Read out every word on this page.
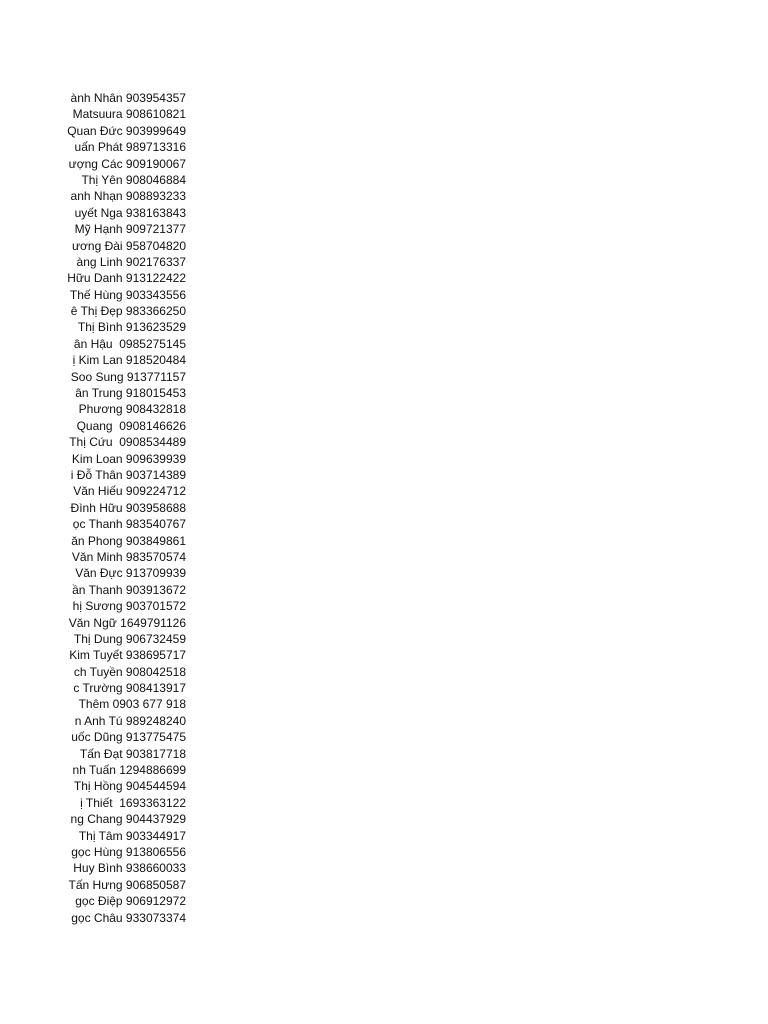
ành Nhân 903954357
Matsuura 908610821
Quan Đức 903999649
uấn Phát 989713316
ượng Các 909190067
Thị Yên 908046884
anh Nhạn 908893233
uyết Nga 938163843
Mỹ Hạnh 909721377
ương Đài 958704820
àng Linh 902176337
Hữu Danh 913122422
Thế Hùng 903343556
ê Thị Đẹp 983366250
Thị Bình 913623529
ân Hậu  0985275145
ị Kim Lan 918520484
Soo Sung 913771157
ân Trung 918015453
Phương 908432818
Quang  0908146626
Thị Cứu  0908534489
Kim Loan 909639939
i Đỗ Thân 903714389
Văn Hiếu 909224712
Đình Hữu 903958688
ọc Thanh 983540767
ăn Phong 903849861
Văn Minh 983570574
Văn Đực 913709939
ần Thanh 903913672
hị Sương 903701572
Văn Ngữ 1649791126
Thị Dung 906732459
Kim Tuyết 938695717
ch Tuyền 908042518
c Trường 908413917
Thêm 0903 677 918
n Anh Tú 989248240
uốc Dũng 913775475
Tấn Đạt 903817718
nh Tuấn 1294886699
Thị Hồng 904544594
ị Thiết  1693363122
ng Chang 904437929
Thị Tâm 903344917
gọc Hùng 913806556
Huy Bình 938660033
Tấn Hưng 906850587
gọc Điệp 906912972
gọc Châu 933073374
